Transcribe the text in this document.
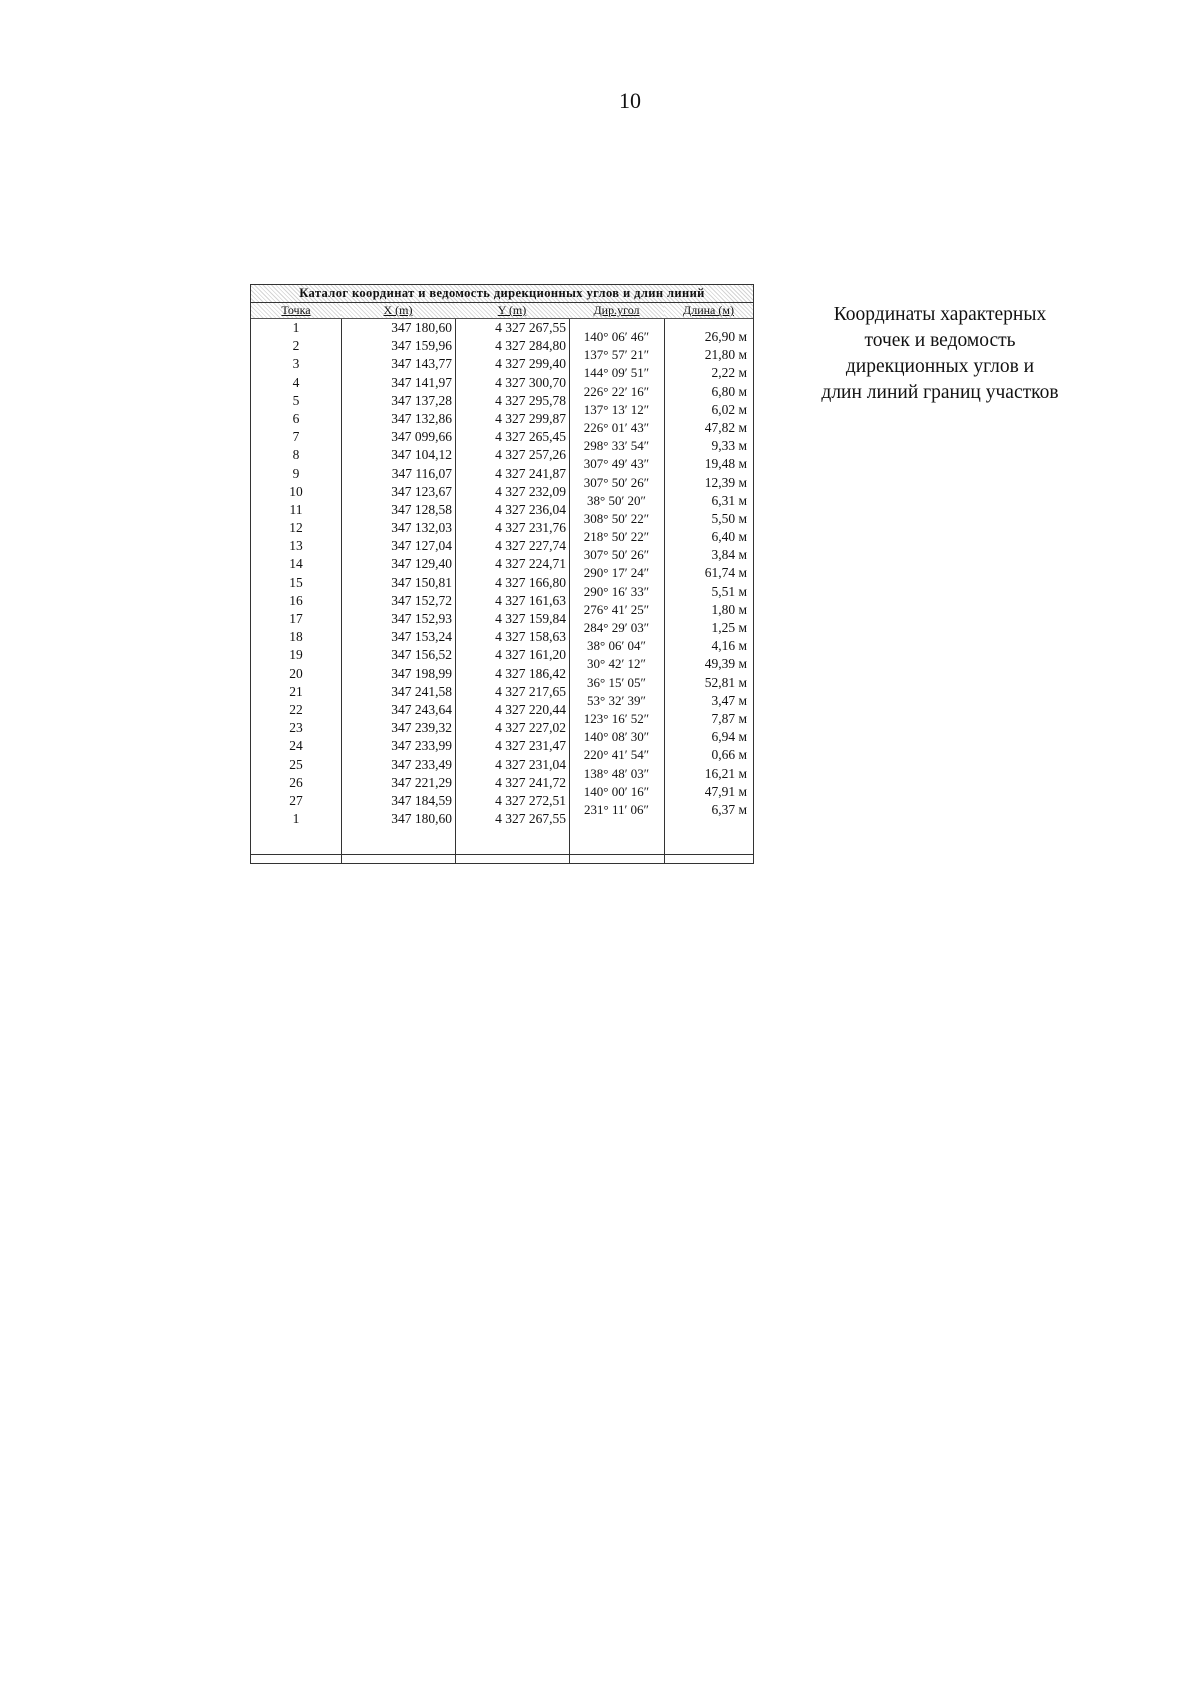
10
Каталог координат и ведомость дирекционных углов и длин линий
Точка
1
2
3
4
5
6
7
8
9
10
11
12
13
14
15
16
17
18
19
20
21
22
23
24
25
26
27
1
X (m)
347 180,60
347 159,96
347 143,77
347 141,97
347 137,28
347 132,86
347 099,66
347 104,12
347 116,07
347 123,67
347 128,58
347 132,03
347 127,04
347 129,40
347 150,81
347 152,72
347 152,93
347 153,24
347 156,52
347 198,99
347 241,58
347 243,64
347 239,32
347 233,99
347 233,49
347 221,29
347 184,59
347 180,60
Y (m)
4 327 267,55
4 327 284,80
4 327 299,40
4 327 300,70
4 327 295,78
4 327 299,87
4 327 265,45
4 327 257,26
4 327 241,87
4 327 232,09
4 327 236,04
4 327 231,76
4 327 227,74
4 327 224,71
4 327 166,80
4 327 161,63
4 327 159,84
4 327 158,63
4 327 161,20
4 327 186,42
4 327 217,65
4 327 220,44
4 327 227,02
4 327 231,47
4 327 231,04
4 327 241,72
4 327 272,51
4 327 267,55
Дир.угол
140° 06′ 46″
137° 57′ 21″
144° 09′ 51″
226° 22′ 16″
137° 13′ 12″
226° 01′ 43″
298° 33′ 54″
307° 49′ 43″
307° 50′ 26″
38° 50′ 20″
308° 50′ 22″
218° 50′ 22″
307° 50′ 26″
290° 17′ 24″
290° 16′ 33″
276° 41′ 25″
284° 29′ 03″
38° 06′ 04″
30° 42′ 12″
36° 15′ 05″
53° 32′ 39″
123° 16′ 52″
140° 08′ 30″
220° 41′ 54″
138° 48′ 03″
140° 00′ 16″
231° 11′ 06″
Длина (м)
26,90 м
21,80 м
2,22 м
6,80 м
6,02 м
47,82 м
9,33 м
19,48 м
12,39 м
6,31 м
5,50 м
6,40 м
3,84 м
61,74 м
5,51 м
1,80 м
1,25 м
4,16 м
49,39 м
52,81 м
3,47 м
7,87 м
6,94 м
0,66 м
16,21 м
47,91 м
6,37 м
Координаты характерных
точек и ведомость
дирекционных углов и
длин линий границ участков
